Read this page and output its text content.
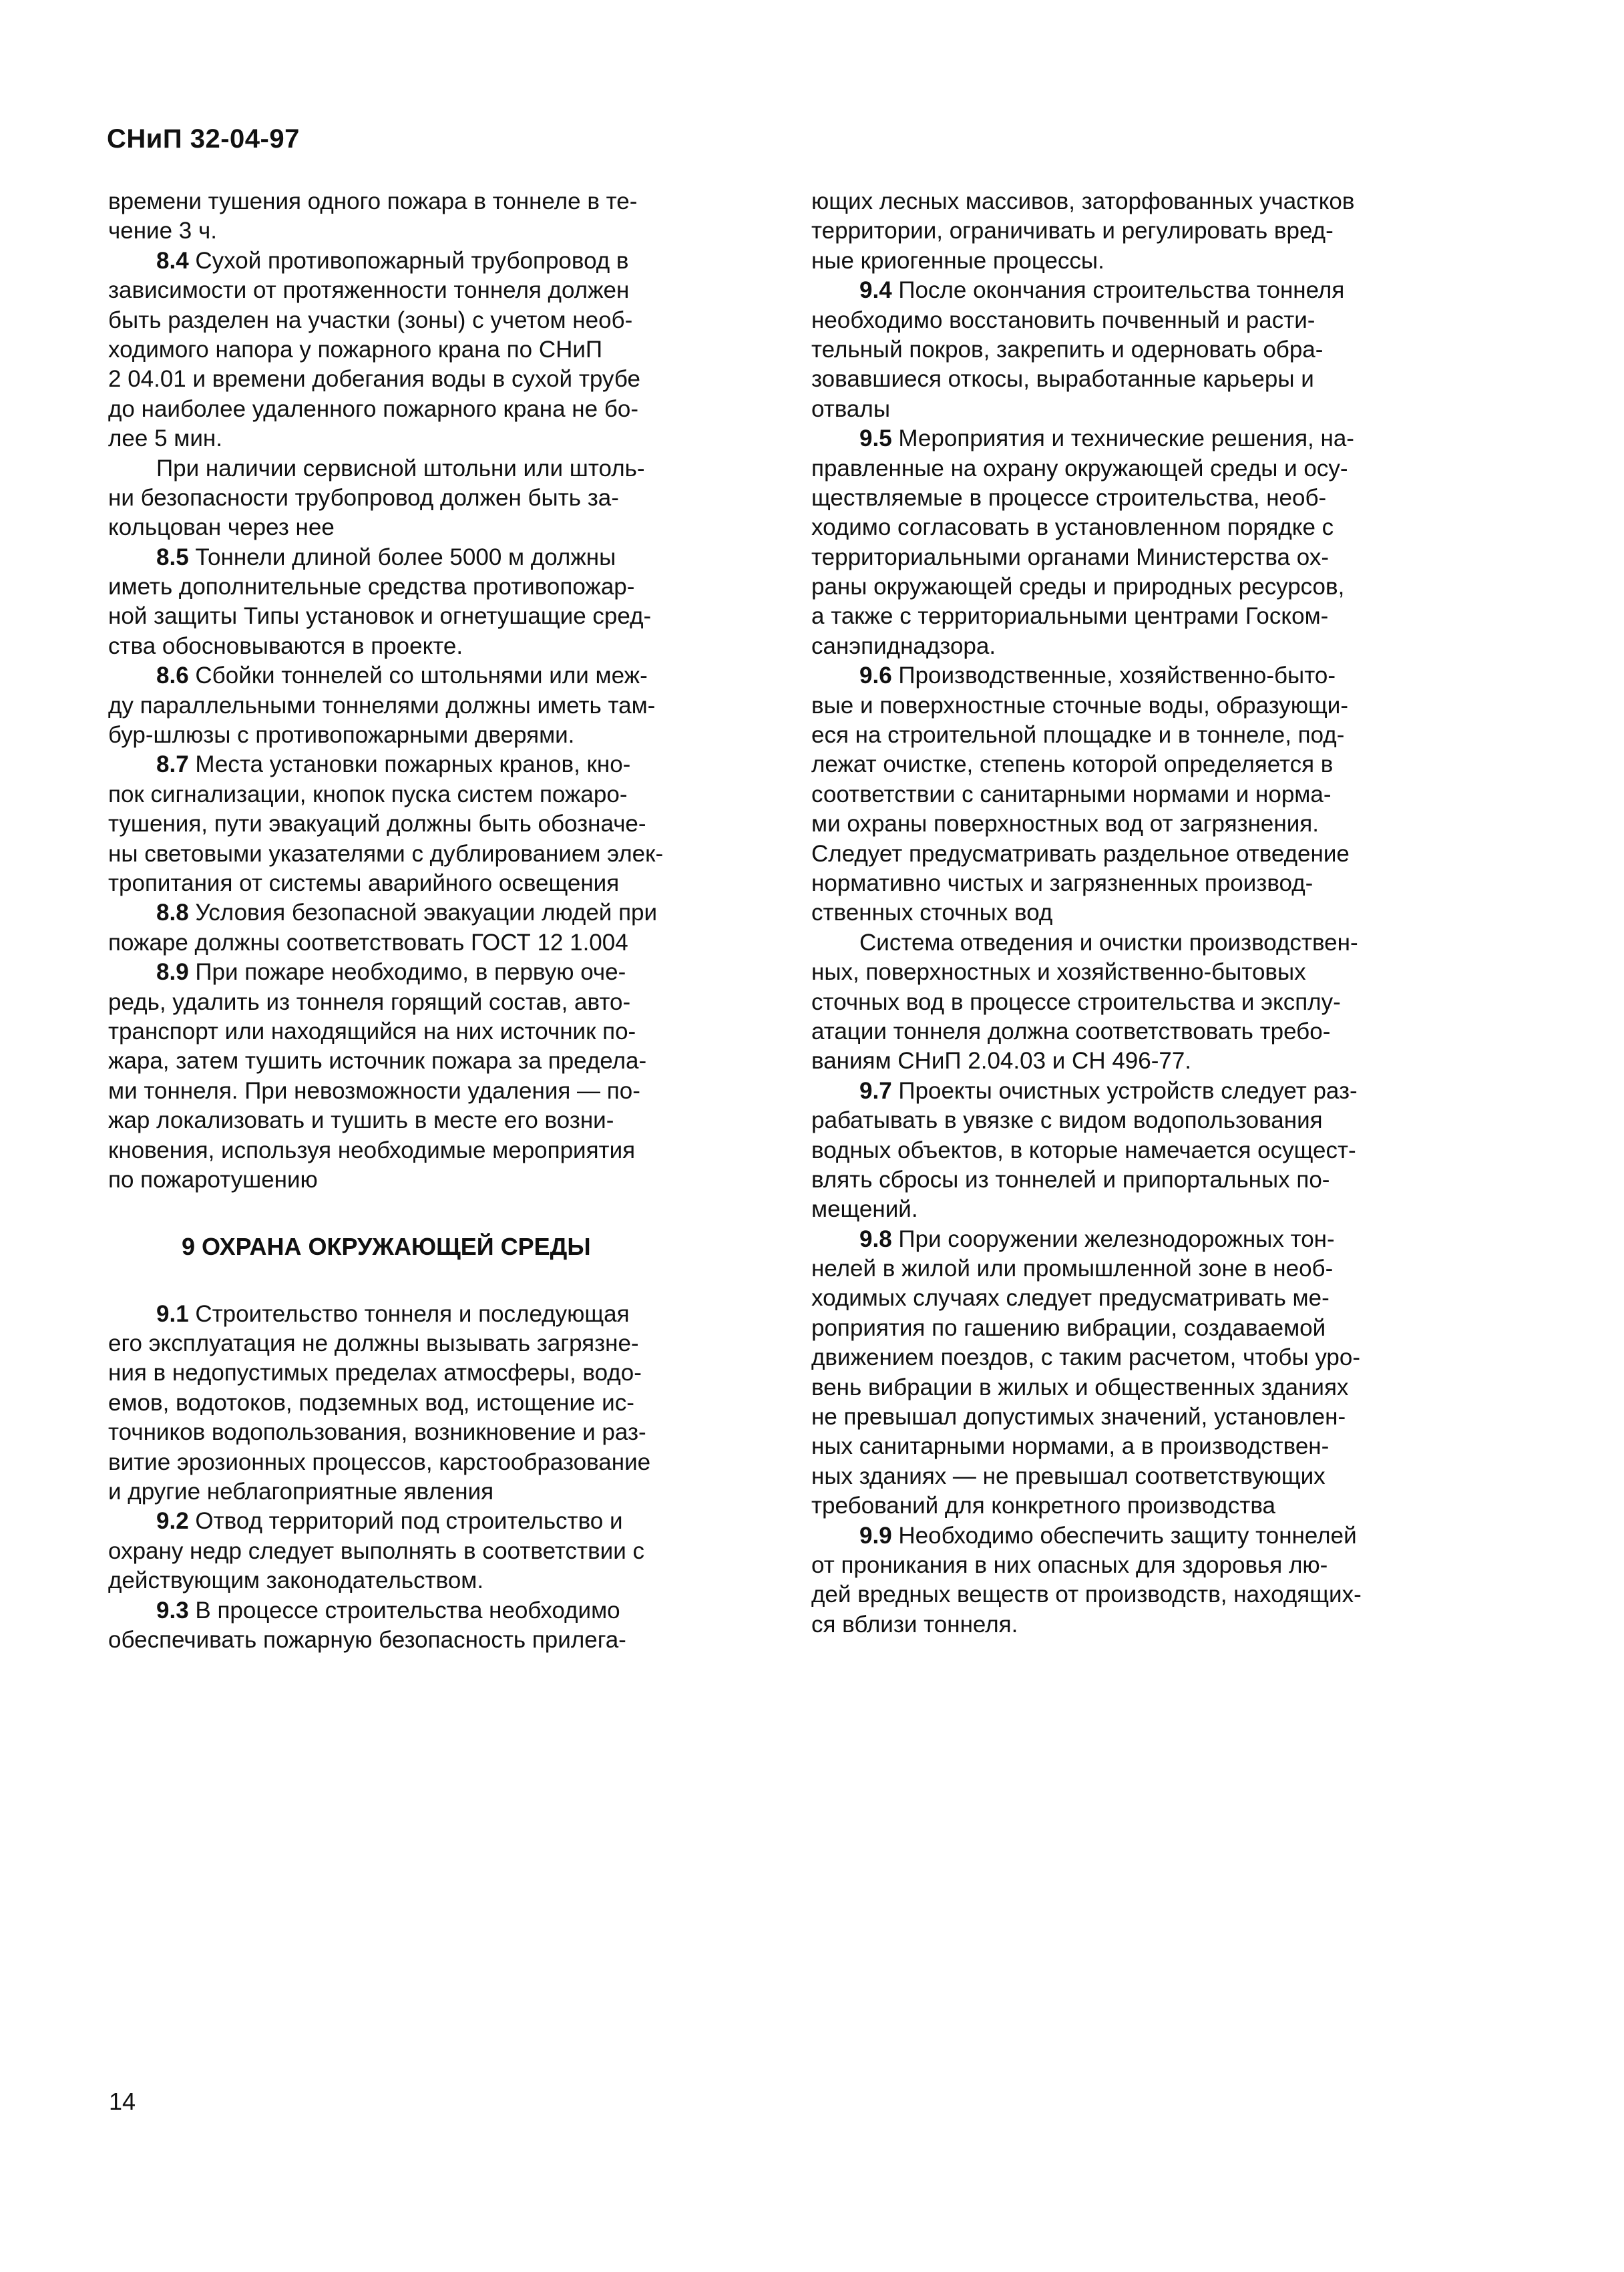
СНиП 32-04-97
времени тушения одного пожара в тоннеле в те-
чение 3 ч.
8.4 Сухой противопожарный трубопровод в
зависимости от протяженности тоннеля должен
быть разделен на участки (зоны) с учетом необ-
ходимого напора у пожарного крана по СНиП
2 04.01 и времени добегания воды в сухой трубе
до наиболее удаленного пожарного крана не бо-
лее 5 мин.
При наличии сервисной штольни или штоль-
ни безопасности трубопровод должен быть за-
кольцован через нее
8.5 Тоннели длиной более 5000 м должны
иметь дополнительные средства противопожар-
ной защиты Типы установок и огнетушащие сред-
ства обосновываются в проекте.
8.6 Сбойки тоннелей со штольнями или меж-
ду параллельными тоннелями должны иметь там-
бур-шлюзы с противопожарными дверями.
8.7 Места установки пожарных кранов, кно-
пок сигнализации, кнопок пуска систем пожаро-
тушения, пути эвакуаций должны быть обозначе-
ны световыми указателями с дублированием элек-
тропитания от системы аварийного освещения
8.8 Условия безопасной эвакуации людей при
пожаре должны соответствовать ГОСТ 12 1.004
8.9 При пожаре необходимо, в первую оче-
редь, удалить из тоннеля горящий состав, авто-
транспорт или находящийся на них источник по-
жара, затем тушить источник пожара за предела-
ми тоннеля. При невозможности удаления — по-
жар локализовать и тушить в месте его возни-
кновения, используя необходимые мероприятия
по пожаротушению
9 ОХРАНА ОКРУЖАЮЩЕЙ СРЕДЫ
9.1 Строительство тоннеля и последующая
его эксплуатация не должны вызывать загрязне-
ния в недопустимых пределах атмосферы, водо-
емов, водотоков, подземных вод, истощение ис-
точников водопользования, возникновение и раз-
витие эрозионных процессов, карстообразование
и другие неблагоприятные явления
9.2 Отвод территорий под строительство и
охрану недр следует выполнять в соответствии с
действующим законодательством.
9.3 В процессе строительства необходимо
обеспечивать пожарную безопасность прилега-
ющих лесных массивов, заторфованных участков
территории, ограничивать и регулировать вред-
ные криогенные процессы.
9.4 После окончания строительства тоннеля
необходимо восстановить почвенный и расти-
тельный покров, закрепить и одерновать обра-
зовавшиеся откосы, выработанные карьеры и
отвалы
9.5 Мероприятия и технические решения, на-
правленные на охрану окружающей среды и осу-
ществляемые в процессе строительства, необ-
ходимо согласовать в установленном порядке с
территориальными органами Министерства ох-
раны окружающей среды и природных ресурсов,
а также с территориальными центрами Госком-
санэпиднадзора.
9.6 Производственные, хозяйственно-быто-
вые и поверхностные сточные воды, образующи-
еся на строительной площадке и в тоннеле, под-
лежат очистке, степень которой определяется в
соответствии с санитарными нормами и норма-
ми охраны поверхностных вод от загрязнения.
Следует предусматривать раздельное отведение
нормативно чистых и загрязненных производ-
ственных сточных вод
Система отведения и очистки производствен-
ных, поверхностных и хозяйственно-бытовых
сточных вод в процессе строительства и эксплу-
атации тоннеля должна соответствовать требо-
ваниям СНиП 2.04.03 и СН 496-77.
9.7 Проекты очистных устройств следует раз-
рабатывать в увязке с видом водопользования
водных объектов, в которые намечается осущест-
влять сбросы из тоннелей и припортальных по-
мещений.
9.8 При сооружении железнодорожных тон-
нелей в жилой или промышленной зоне в необ-
ходимых случаях следует предусматривать ме-
роприятия по гашению вибрации, создаваемой
движением поездов, с таким расчетом, чтобы уро-
вень вибрации в жилых и общественных зданиях
не превышал допустимых значений, установлен-
ных санитарными нормами, а в производствен-
ных зданиях — не превышал соответствующих
требований для конкретного производства
9.9 Необходимо обеспечить защиту тоннелей
от проникания в них опасных для здоровья лю-
дей вредных веществ от производств, находящих-
ся вблизи тоннеля.
14
